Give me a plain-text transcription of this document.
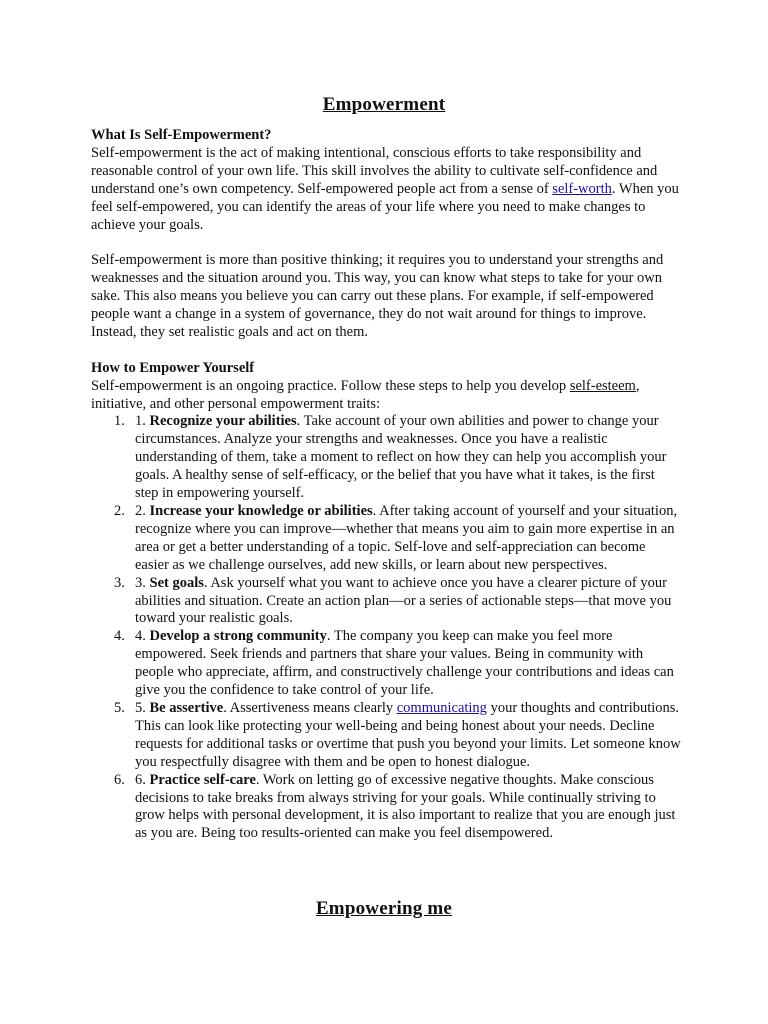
Empowerment
What Is Self-Empowerment?

Self-empowerment is the act of making intentional, conscious efforts to take responsibility and reasonable control of your own life. This skill involves the ability to cultivate self-confidence and understand one’s own competency. Self-empowered people act from a sense of self-worth. When you feel self-empowered, you can identify the areas of your life where you need to make changes to achieve your goals.

Self-empowerment is more than positive thinking; it requires you to understand your strengths and weaknesses and the situation around you. This way, you can know what steps to take for your own sake. This also means you believe you can carry out these plans. For example, if self-empowered people want a change in a system of governance, they do not wait around for things to improve. Instead, they set realistic goals and act on them.

How to Empower Yourself

Self-empowerment is an ongoing practice. Follow these steps to help you develop self-esteem, initiative, and other personal empowerment traits:

1. 1. Recognize your abilities. Take account of your own abilities and power to change your circumstances. Analyze your strengths and weaknesses. Once you have a realistic understanding of them, take a moment to reflect on how they can help you accomplish your goals. A healthy sense of self-efficacy, or the belief that you have what it takes, is the first step in empowering yourself.
2. 2. Increase your knowledge or abilities. After taking account of yourself and your situation, recognize where you can improve—whether that means you aim to gain more expertise in an area or get a better understanding of a topic. Self-love and self-appreciation can become easier as we challenge ourselves, add new skills, or learn about new perspectives.
3. 3. Set goals. Ask yourself what you want to achieve once you have a clearer picture of your abilities and situation. Create an action plan—or a series of actionable steps—that move you toward your realistic goals.
4. 4. Develop a strong community. The company you keep can make you feel more empowered. Seek friends and partners that share your values. Being in community with people who appreciate, affirm, and constructively challenge your contributions and ideas can give you the confidence to take control of your life.
5. 5. Be assertive. Assertiveness means clearly communicating your thoughts and contributions. This can look like protecting your well-being and being honest about your needs. Decline requests for additional tasks or overtime that push you beyond your limits. Let someone know you respectfully disagree with them and be open to honest dialogue.
6. 6. Practice self-care. Work on letting go of excessive negative thoughts. Make conscious decisions to take breaks from always striving for your goals. While continually striving to grow helps with personal development, it is also important to realize that you are enough just as you are. Being too results-oriented can make you feel disempowered.
Empowering me
